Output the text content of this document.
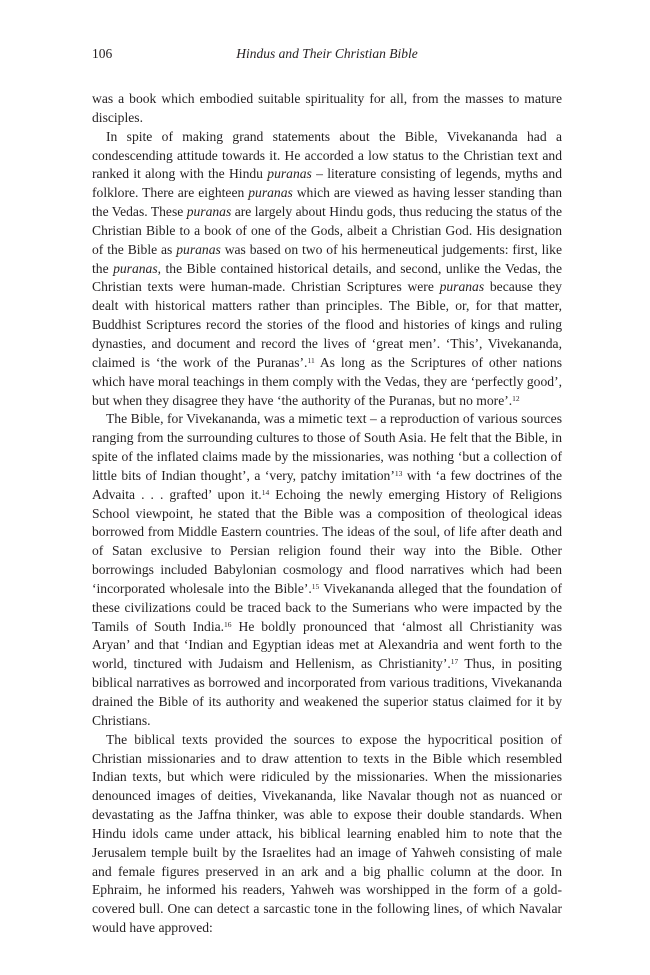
106	Hindus and Their Christian Bible

was a book which embodied suitable spirituality for all, from the masses to mature disciples.

In spite of making grand statements about the Bible, Vivekananda had a condescending attitude towards it. He accorded a low status to the Christian text and ranked it along with the Hindu puranas – literature consisting of legends, myths and folklore. There are eighteen puranas which are viewed as having lesser standing than the Vedas. These puranas are largely about Hindu gods, thus reducing the status of the Christian Bible to a book of one of the Gods, albeit a Christian God. His designation of the Bible as puranas was based on two of his hermeneutical judgements: first, like the puranas, the Bible contained historical details, and second, unlike the Vedas, the Christian texts were human-made. Christian Scriptures were puranas because they dealt with historical matters rather than principles. The Bible, or, for that matter, Buddhist Scriptures record the stories of the flood and histories of kings and ruling dynasties, and document and record the lives of ‘great men’. ‘This’, Vivekananda, claimed is ‘the work of the Puranas’.$^{11}$ As long as the Scriptures of other nations which have moral teachings in them comply with the Vedas, they are ‘perfectly good’, but when they disagree they have ‘the authority of the Puranas, but no more’.$^{12}$

The Bible, for Vivekananda, was a mimetic text – a reproduction of various sources ranging from the surrounding cultures to those of South Asia. He felt that the Bible, in spite of the inflated claims made by the missionaries, was nothing ‘but a collection of little bits of Indian thought’, a ‘very, patchy imitation’$^{13}$ with ‘a few doctrines of the Advaita . . . grafted’ upon it.$^{14}$ Echoing the newly emerging History of Religions School viewpoint, he stated that the Bible was a composition of theological ideas borrowed from Middle Eastern countries. The ideas of the soul, of life after death and of Satan exclusive to Persian religion found their way into the Bible. Other borrowings included Babylonian cosmology and flood narratives which had been ‘incorporated wholesale into the Bible’.$^{15}$ Vivekananda alleged that the foundation of these civilizations could be traced back to the Sumerians who were impacted by the Tamils of South India.$^{16}$ He boldly pronounced that ‘almost all Christianity was Aryan’ and that ‘Indian and Egyptian ideas met at Alexandria and went forth to the world, tinctured with Judaism and Hellenism, as Christianity’.$^{17}$ Thus, in positing biblical narratives as borrowed and incorporated from various traditions, Vivekananda drained the Bible of its authority and weakened the superior status claimed for it by Christians.

The biblical texts provided the sources to expose the hypocritical position of Christian missionaries and to draw attention to texts in the Bible which resembled Indian texts, but which were ridiculed by the missionaries. When the missionaries denounced images of deities, Vivekananda, like Navalar though not as nuanced or devastating as the Jaffna thinker, was able to expose their double standards. When Hindu idols came under attack, his biblical learning enabled him to note that the Jerusalem temple built by the Israelites had an image of Yahweh consisting of male and female figures preserved in an ark and a big phallic column at the door. In Ephraim, he informed his readers, Yahweh was worshipped in the form of a gold-covered bull. One can detect a sarcastic tone in the following lines, of which Navalar would have approved:
